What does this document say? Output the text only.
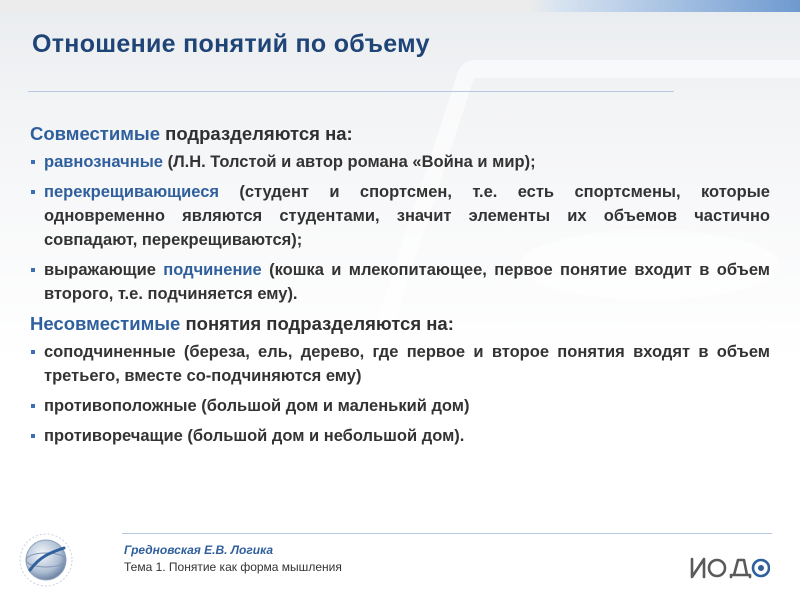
Отношение понятий по объему

Совместимые подразделяются на:

равнозначные (Л.Н. Толстой и автор романа «Война и мир);
перекрещивающиеся (студент и спортсмен, т.е. есть спортсмены, которые одновременно являются студентами, значит элементы их объемов частично совпадают, перекрещиваются);
выражающие подчинение (кошка и млекопитающее, первое понятие входит в объем второго, т.е. подчиняется ему).

Несовместимые понятия подразделяются на:

соподчиненные (береза, ель, дерево, где первое и второе понятия входят в объем третьего, вместе со-подчиняются ему)
противоположные (большой дом и маленький дом)
противоречащие (большой дом и небольшой дом).
Гредновская Е.В. Логика
Тема 1. Понятие как форма мышления
